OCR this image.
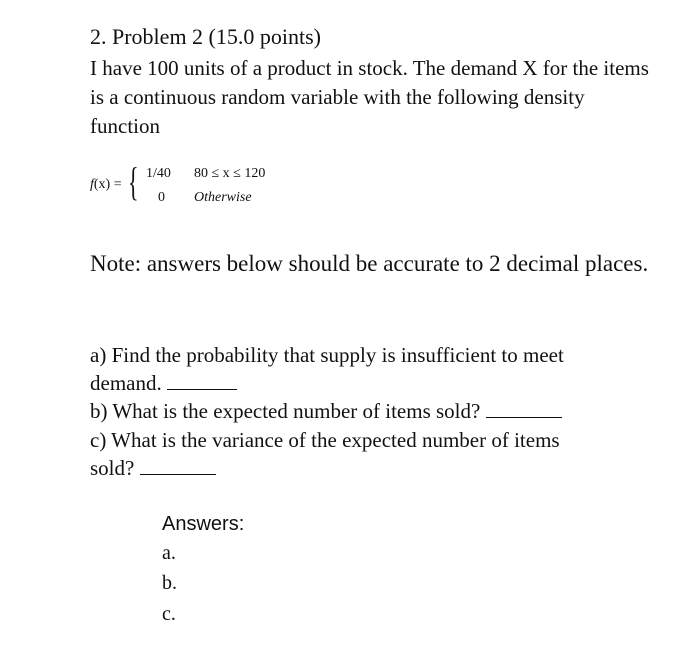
2. Problem 2 (15.0 points)
I have 100 units of a product in stock. The demand X for the items is a continuous random variable with the following density function
f(x) = { 1/40 80 ≤ x ≤ 120
0 Otherwise
Note: answers below should be accurate to 2 decimal places.
a) Find the probability that supply is insufficient to meet
demand.
b) What is the expected number of items sold?
c) What is the variance of the expected number of items
sold?
Answers:
a.
b.
c.
